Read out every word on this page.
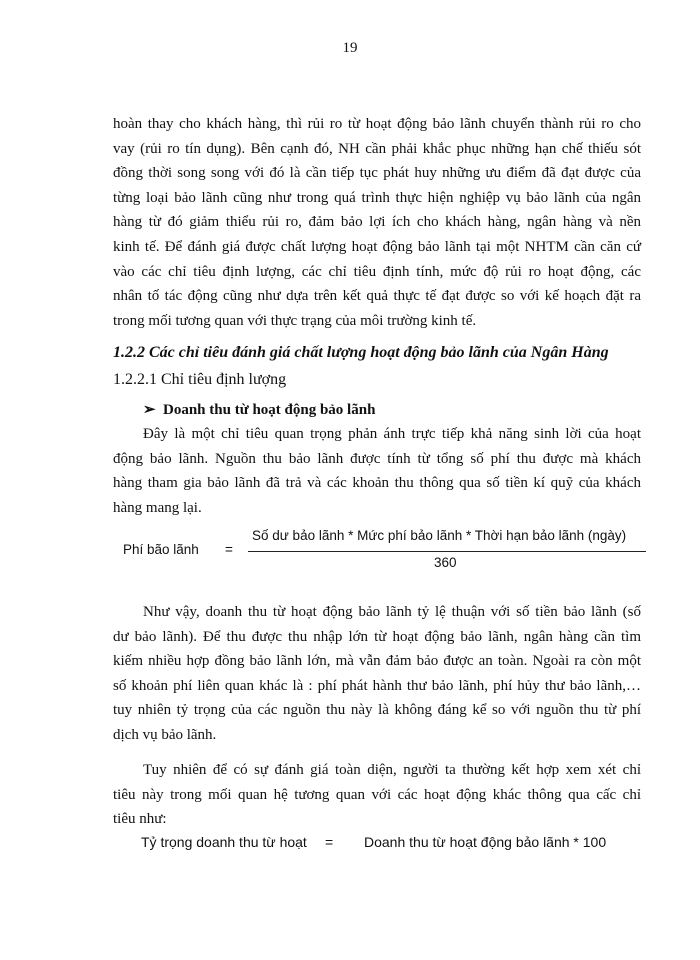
19
hoàn thay cho khách hàng, thì rủi ro từ hoạt động bảo lãnh chuyển thành rủi ro cho
vay (rủi ro tín dụng). Bên cạnh đó, NH cần phải khắc phục những hạn chế thiếu sót
đồng thời song song với đó là cần tiếp tục phát huy những ưu điểm đã đạt được của
từng loại bảo lãnh cũng như trong quá trình thực hiện nghiệp vụ bảo lãnh của ngân
hàng từ đó giảm thiểu rủi ro, đảm bảo lợi ích cho khách hàng, ngân hàng và nền
kinh tế. Để đánh giá được chất lượng hoạt động bảo lãnh tại một NHTM cần căn cứ
vào các chỉ tiêu định lượng, các chỉ tiêu định tính, mức độ rủi ro hoạt động, các
nhân tố tác động cũng như dựa trên kết quả thực tế đạt được so với kế hoạch đặt ra
trong mối tương quan với thực trạng của môi trường kinh tế.
1.2.2 Các chỉ tiêu đánh giá chất lượng hoạt động bảo lãnh của Ngân Hàng
1.2.2.1 Chỉ tiêu định lượng
➢ Doanh thu từ hoạt động bảo lãnh
Đây là một chỉ tiêu quan trọng phản ánh trực tiếp khả năng sinh lời của hoạt
động bảo lãnh. Nguồn thu bảo lãnh được tính từ tổng số phí thu được mà khách
hàng tham gia bảo lãnh đã trả và các khoản thu thông qua số tiền kí quỹ của khách
hàng mang lại.
Phí bão lãnh =
Số dư bảo lãnh * Mức phí bảo lãnh * Thời hạn bảo lãnh (ngày)
360
Như vậy, doanh thu từ hoạt động bảo lãnh tỷ lệ thuận với số tiền bảo lãnh (số
dư bảo lãnh). Để thu được thu nhập lớn từ hoạt động bảo lãnh, ngân hàng cần tìm
kiếm nhiều hợp đồng bảo lãnh lớn, mà vẫn đảm bảo được an toàn. Ngoài ra còn một
số khoản phí liên quan khác là : phí phát hành thư bảo lãnh, phí hủy thư bảo lãnh,…
tuy nhiên tỷ trọng của các nguồn thu này là không đáng kể so với nguồn thu từ phí
dịch vụ bảo lãnh.
Tuy nhiên để có sự đánh giá toàn diện, người ta thường kết hợp xem xét chỉ
tiêu này trong mối quan hệ tương quan với các hoạt động khác thông qua cấc chỉ
tiêu như:
Tỷ trọng doanh thu từ hoạt = Doanh thu từ hoạt động bảo lãnh * 100
